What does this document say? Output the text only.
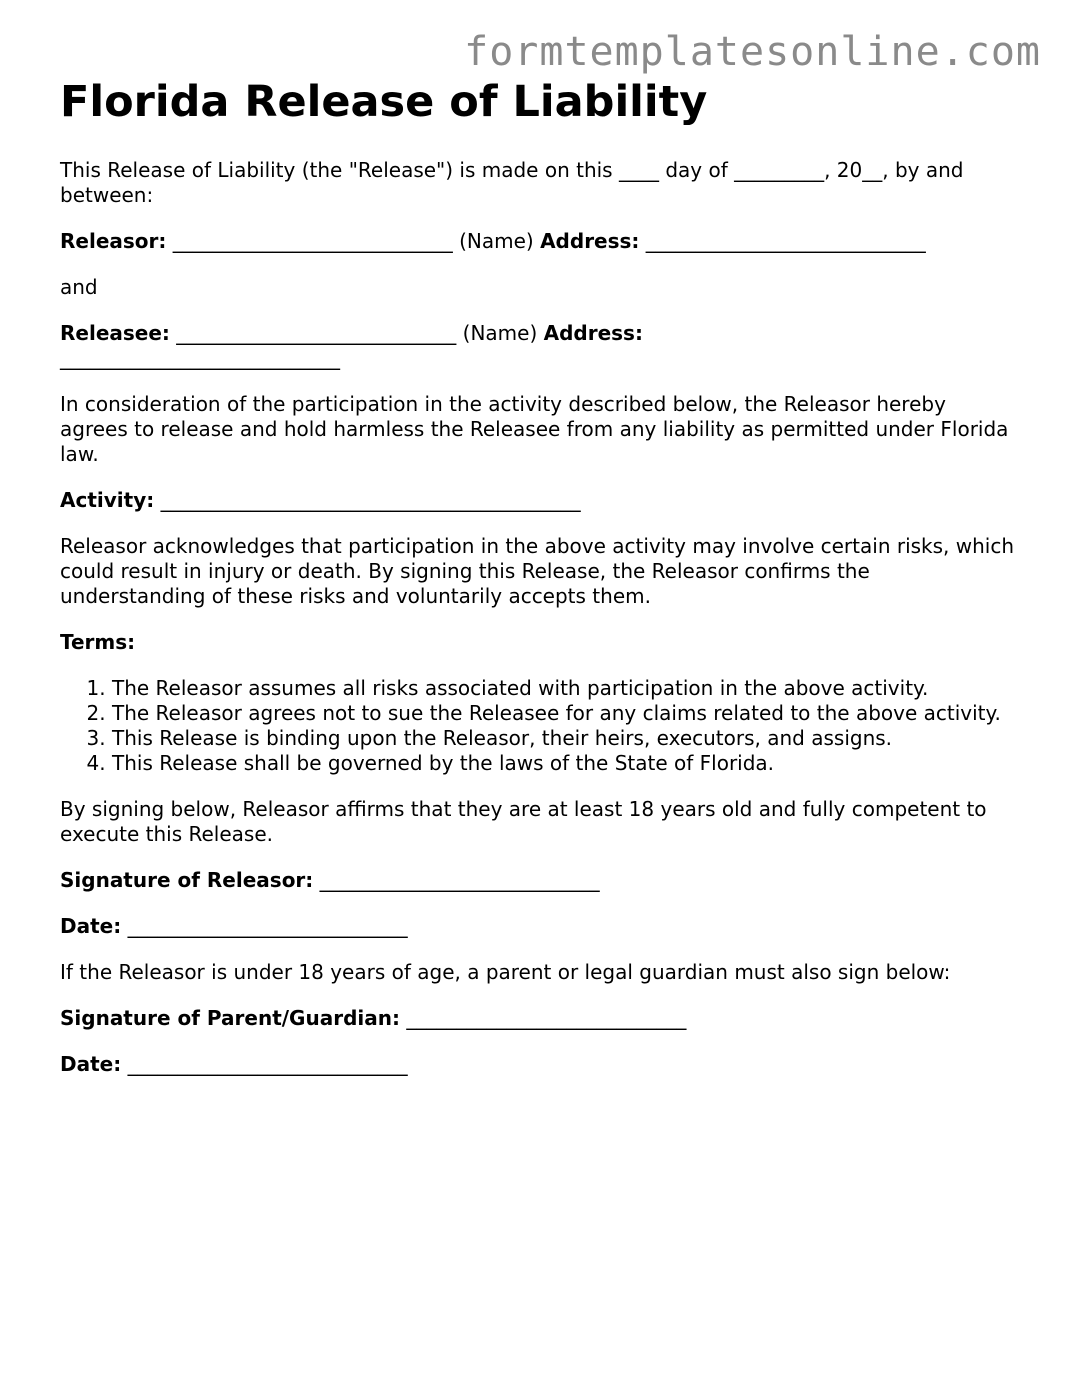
formtemplatesonline.com
Florida Release of Liability

This Release of Liability (the "Release") is made on this ____ day of _________, 20__, by and between:

Releasor: ____________________________ (Name) Address: ____________________________

and

Releasee: ____________________________ (Name) Address:
____________________________

In consideration of the participation in the activity described below, the Releasor hereby agrees to release and hold harmless the Releasee from any liability as permitted under Florida law.

Activity: __________________________________________

Releasor acknowledges that participation in the above activity may involve certain risks, which could result in injury or death. By signing this Release, the Releasor confirms the understanding of these risks and voluntarily accepts them.

Terms:

1. The Releasor assumes all risks associated with participation in the above activity.
2. The Releasor agrees not to sue the Releasee for any claims related to the above activity.
3. This Release is binding upon the Releasor, their heirs, executors, and assigns.
4. This Release shall be governed by the laws of the State of Florida.

By signing below, Releasor affirms that they are at least 18 years old and fully competent to execute this Release.

Signature of Releasor: ____________________________

Date: ____________________________

If the Releasor is under 18 years of age, a parent or legal guardian must also sign below:

Signature of Parent/Guardian: ____________________________

Date: ____________________________
